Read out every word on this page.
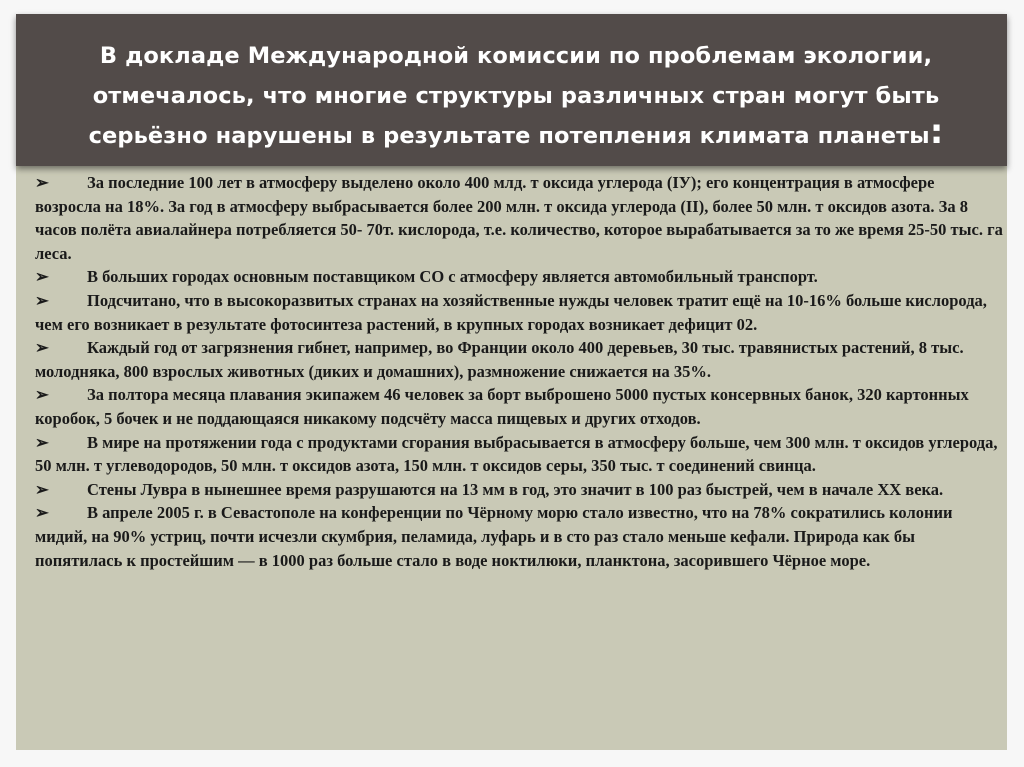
В докладе Международной комиссии по проблемам экологии, отмечалось, что многие структуры различных стран могут быть серьёзно нарушены в результате потепления климата планеты:

➢ За последние 100 лет в атмосферу выделено около 400 млд. т оксида углерода (IУ); его концентрация в атмосфере возросла на 18%. За год в атмосферу выбрасывается более 200 млн. т оксида углерода (II), более 50 млн. т оксидов азота. За 8 часов полёта авиалайнера потребляется 50- 70т. кислорода, т.е. количество, которое вырабатывается за то же время 25-50 тыс. га леса.

➢ В больших городах основным поставщиком СО с атмосферу является автомобильный транспорт.

➢ Подсчитано, что в высокоразвитых странах на хозяйственные нужды человек тратит ещё на 10-16% больше кислорода, чем его возникает в результате фотосинтеза растений, в крупных городах возникает дефицит 02.

➢ Каждый год от загрязнения гибнет, например, во Франции около 400 деревьев, 30 тыс. травянистых растений, 8 тыс. молодняка, 800 взрослых животных (диких и домашних), размножение снижается на 35%.

➢ За полтора месяца плавания экипажем 46 человек за борт выброшено 5000 пустых консервных банок, 320 картонных коробок, 5 бочек и не поддающаяся никакому подсчёту масса пищевых и других отходов.

➢ В мире на протяжении года с продуктами сгорания выбрасывается в атмосферу больше, чем 300 млн. т оксидов углерода, 50 млн. т углеводородов, 50 млн. т оксидов азота, 150 млн. т оксидов серы, 350 тыс. т соединений свинца.

➢ Стены Лувра в нынешнее время разрушаются на 13 мм в год, это значит в 100 раз быстрей, чем в начале XX века.

➢ В апреле 2005 г. в Севастополе на конференции по Чёрному морю стало известно, что на 78% сократились колонии мидий, на 90% устриц, почти исчезли скумбрия, пеламида, луфарь и в сто раз стало меньше кефали. Природа как бы попятилась к простейшим — в 1000 раз больше стало в воде ноктилюки, планктона, засорившего Чёрное море.
